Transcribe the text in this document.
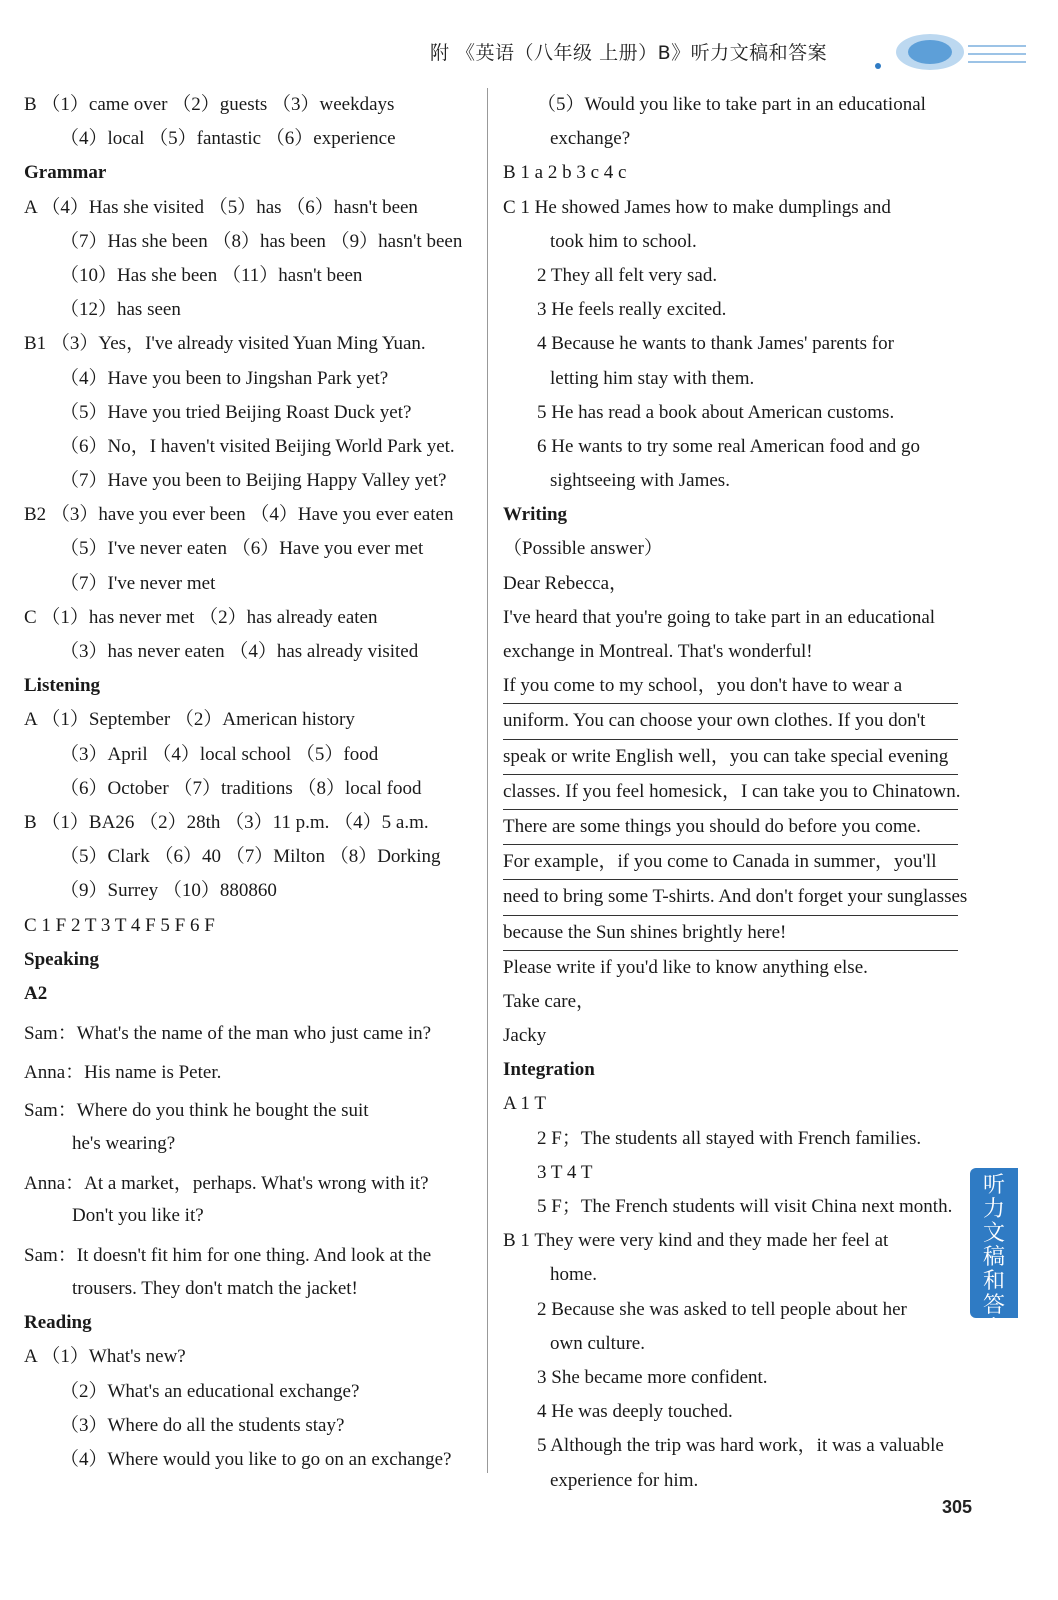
附 《英语（八年级 上册）B》听力文稿和答案
B （1）came over （2）guests （3）weekdays
（4）local （5）fantastic （6）experience
Grammar
A （4）Has she visited （5）has （6）hasn't been
（7）Has she been （8）has been （9）hasn't been
（10）Has she been （11）hasn't been
（12）has seen
B1 （3）Yes，I've already visited Yuan Ming Yuan.
（4）Have you been to Jingshan Park yet?
（5）Have you tried Beijing Roast Duck yet?
（6）No，I haven't visited Beijing World Park yet.
（7）Have you been to Beijing Happy Valley yet?
B2 （3）have you ever been （4）Have you ever eaten
（5）I've never eaten （6）Have you ever met
（7）I've never met
C （1）has never met （2）has already eaten
（3）has never eaten （4）has already visited
Listening
A （1）September （2）American history
（3）April （4）local school （5）food
（6）October （7）traditions （8）local food
B （1）BA26 （2）28th （3）11 p.m. （4）5 a.m.
（5）Clark （6）40 （7）Milton （8）Dorking
（9）Surrey （10）880860
C 1 F 2 T 3 T 4 F 5 F 6 F
Speaking
A2
Sam：What's the name of the man who just came in?
Anna：His name is Peter.
Sam：Where do you think he bought the suit
he's wearing?
Anna：At a market，perhaps. What's wrong with it?
Don't you like it?
Sam：It doesn't fit him for one thing. And look at the
trousers. They don't match the jacket!
Reading
A （1）What's new?
（2）What's an educational exchange?
（3）Where do all the students stay?
（4）Where would you like to go on an exchange?
（5）Would you like to take part in an educational
exchange?
B 1 a 2 b 3 c 4 c
C 1 He showed James how to make dumplings and
took him to school.
2 They all felt very sad.
3 He feels really excited.
4 Because he wants to thank James' parents for
letting him stay with them.
5 He has read a book about American customs.
6 He wants to try some real American food and go
sightseeing with James.
Writing
（Possible answer）
Dear Rebecca，
I've heard that you're going to take part in an educational
exchange in Montreal. That's wonderful!
If you come to my school，you don't have to wear a
uniform. You can choose your own clothes. If you don't
speak or write English well，you can take special evening
classes. If you feel homesick，I can take you to Chinatown.
There are some things you should do before you come.
For example，if you come to Canada in summer，you'll
need to bring some T-shirts. And don't forget your sunglasses
because the Sun shines brightly here!
Please write if you'd like to know anything else.
Take care，
Jacky
Integration
A 1 T
2 F；The students all stayed with French families.
3 T 4 T
5 F；The French students will visit China next month.
B 1 They were very kind and they made her feel at
home.
2 Because she was asked to tell people about her
own culture.
3 She became more confident.
4 He was deeply touched.
5 Although the trip was hard work，it was a valuable
experience for him.
听
力
文
稿
和
答
案
305
